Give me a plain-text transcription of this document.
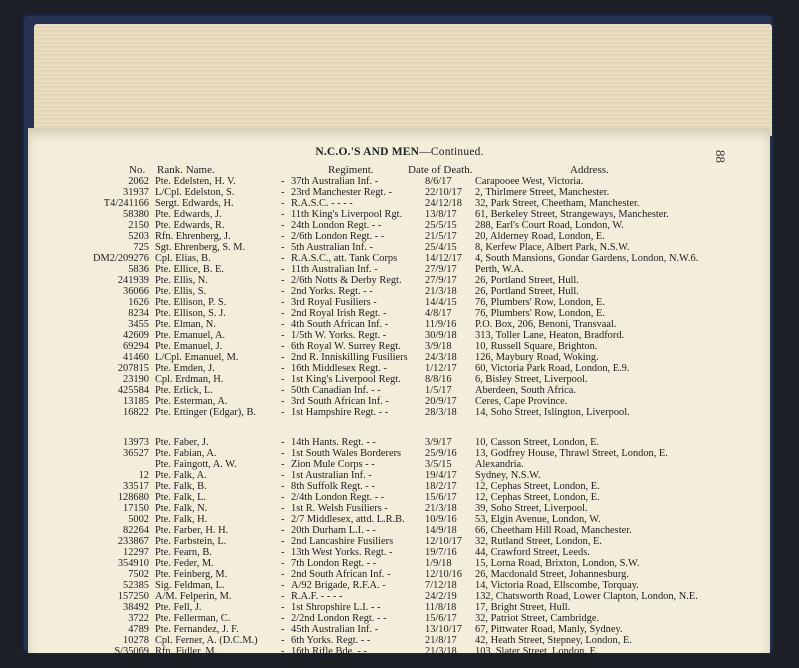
N.C.O.'S AND MEN—Continued.	88
No. Rank. Name.	Regiment.	Date of Death.	Address.
2062 Pte. Edelsten, H. V.	37th Australian Inf. -	8/6/17 Carapooee West, Victoria.
-
31937 L/Cpl. Edelston, S.	23rd Manchester Regt. -	22/10/17 2, Thirlmere Street, Manchester.
-
T4/241166 Sergt. Edwards, H.	R.A.S.C. - - - -	24/12/18 32, Park Street, Cheetham, Manchester.
-
58380 Pte. Edwards, J.	11th King's Liverpool Rgt. 13/8/17 61, Berkeley Street, Strangeways, Manchester.
-
2150 Pte. Edwards, R.	24th London Regt. - -	25/5/15 288, Earl's Court Road, London, W.
-
5203 Rfn. Ehrenberg, J.	2/6th London Regt. - -	21/5/17 20, Alderney Road, London, E.
-
725 Sgt. Ehrenberg, S. M.	5th Australian Inf. -	25/4/15 8, Kerfew Place, Albert Park, N.S.W.
-
DM2/209276 Cpl. Elias, B.	R.A.S.C., att. Tank Corps	14/12/17 4, South Mansions, Gondar Gardens, London, N.W.6.
-
5836 Pte. Ellice, B. E.	11th Australian Inf. -	27/9/17 Perth, W.A.
-
241939 Pte. Ellis, N.	2/6th Notts & Derby Regt. 27/9/17 26, Portland Street, Hull.
-
36066 Pte. Ellis, S.	2nd Yorks. Regt. - -	21/3/18 26, Portland Street, Hull.
-
1626 Pte. Ellison, P. S.	3rd Royal Fusiliers -	14/4/15 76, Plumbers' Row, London, E.
-
8234 Pte. Ellison, S. J.	2nd Royal Irish Regt. -	4/8/17 76, Plumbers' Row, London, E.
-
3455 Pte. Elman, N.	4th South African Inf. -	11/9/16 P.O. Box, 206, Benoni, Transvaal.
-
42609 Pte. Emanuel, A.	1/5th W. Yorks. Regt. -	30/9/18 313, Toller Lane, Heaton, Bradford.
-
69294 Pte. Emanuel, J.	6th Royal W. Surrey Regt. 3/9/18 10, Russell Square, Brighton.
-
41460 L/Cpl. Emanuel, M.	2nd R. Inniskilling Fusiliers 24/3/18 126, Maybury Road, Woking.
-
207815 Pte. Emden, J.	16th Middlesex Regt. -	1/12/17 60, Victoria Park Road, London, E.9.
-
23190 Cpl. Erdman, H.	1st King's Liverpool Regt. 8/8/16 6, Bisley Street, Liverpool.
-
425584 Pte. Erlick, L.	50th Canadian Inf. - -	1/5/17 Aberdeen, South Africa.
-
13185 Pte. Esterman, A.	3rd South African Inf. -	20/9/17 Ceres, Cape Province.
-
16822 Pte. Ettinger (Edgar), B.	1st Hampshire Regt. - -	28/3/18 14, Soho Street, Islington, Liverpool.
-
13973 Pte. Faber, J.	14th Hants. Regt. - -	3/9/17 10, Casson Street, London, E.
-
36527 Pte. Fabian, A.	1st South Wales Borderers 25/9/16 13, Godfrey House, Thrawl Street, London, E.
-
Pte. Faingott, A. W.	Zion Mule Corps - -	3/5/15 Alexandria.
-
12 Pte. Falk, A.	1st Australian Inf. -	19/4/17 Sydney, N.S.W.
-
33517 Pte. Falk, B.	8th Suffolk Regt. - -	18/2/17 12, Cephas Street, London, E.
-
128680 Pte. Falk, L.	2/4th London Regt. - -	15/6/17 12, Cephas Street, London, E.
-
17150 Pte. Falk, N.	1st R. Welsh Fusiliers -	21/3/18 39, Soho Street, Liverpool.
-
5002 Pte. Falk, H.	2/7 Middlesex, attd. L.R.B. 10/9/16 53, Elgin Avenue, London, W.
-
82264 Pte. Farber, H. H.	20th Durham L.I. - -	14/9/18 66, Cheetham Hill Road, Manchester.
-
233867 Pte. Farbstein, L.	2nd Lancashire Fusiliers	12/10/17 32, Rutland Street, London, E.
-
12297 Pte. Fearn, B.	13th West Yorks. Regt. -	19/7/16 44, Crawford Street, Leeds.
-
354910 Pte. Feder, M.	7th London Regt. - -	1/9/18 15, Lorna Road, Brixton, London, S.W.
-
7502 Pte. Feinberg, M.	2nd South African Inf. -	12/10/16 26, Macdonald Street, Johannesburg.
-
52385 Sig. Feldman, L.	A/92 Brigade, R.F.A. -	7/12/18 14, Victoria Road, Ellscombe, Torquay.
-
157250 A/M. Felperin, M.	R.A.F. - - - -	24/2/19 132, Chatsworth Road, Lower Clapton, London, N.E.
-
38492 Pte. Fell, J.	1st Shropshire L.I. - -	11/8/18 17, Bright Street, Hull.
-
3722 Pte. Fellerman, C.	2/2nd London Regt. - -	15/6/17 32, Patriot Street, Cambridge.
-
4789 Pte. Fernandez, J. F.	45th Australian Inf. -	13/10/17 67, Pittwater Road, Manly, Sydney.
-
10278 Cpl. Ferner, A. (D.C.M.)	6th Yorks. Regt. - -	21/8/17 42, Heath Street, Stepney, London, E.
-
S/35069 Rfn. Fidler, M.	16th Rifle Bde. - -	21/3/18 103, Slater Street, London, E.
-
862334 Pte. Field, M.	4th Canadian Inf. - -	2/9/18 1633, Mance Street, Montreal.
-
